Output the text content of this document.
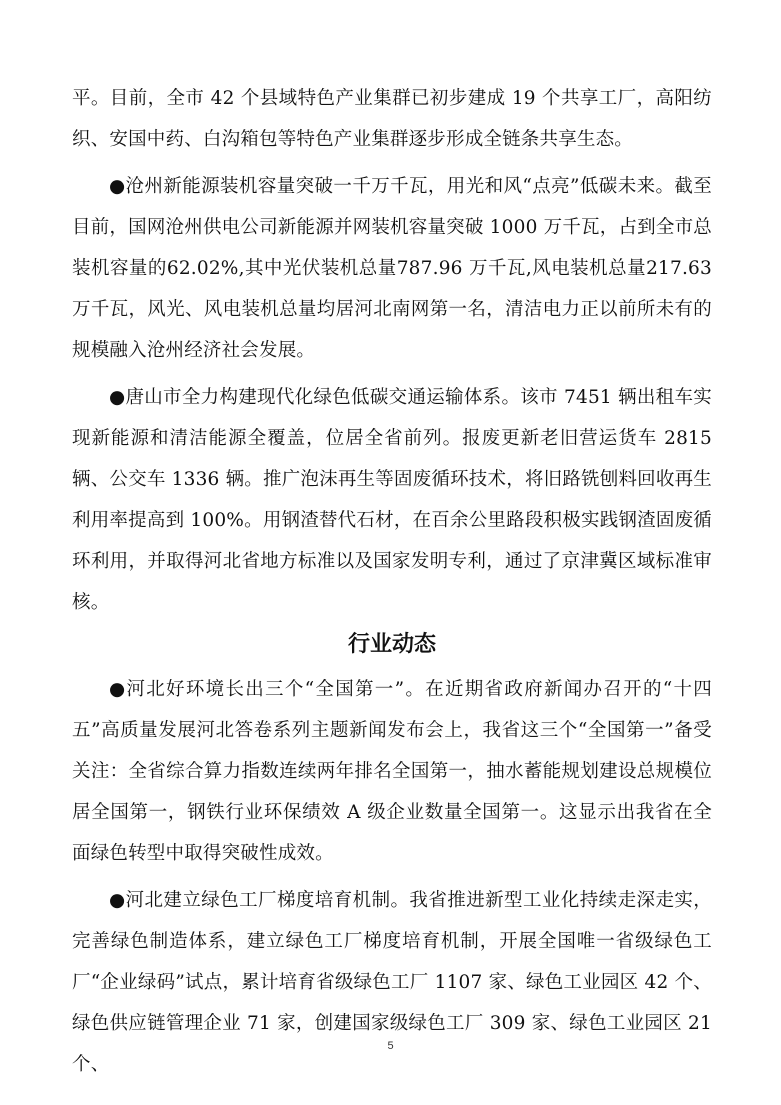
平。目前，全市 42 个县域特色产业集群已初步建成 19 个共享工厂，高阳纺织、安国中药、白沟箱包等特色产业集群逐步形成全链条共享生态。

●沧州新能源装机容量突破一千万千瓦，用光和风“点亮”低碳未来。截至目前，国网沧州供电公司新能源并网装机容量突破 1000 万千瓦，占到全市总装机容量的62.02%,其中光伏装机总量787.96 万千瓦,风电装机总量217.63万千瓦，风光、风电装机总量均居河北南网第一名，清洁电力正以前所未有的规模融入沧州经济社会发展。

●唐山市全力构建现代化绿色低碳交通运输体系。该市 7451 辆出租车实现新能源和清洁能源全覆盖，位居全省前列。报废更新老旧营运货车 2815 辆、公交车 1336 辆。推广泡沫再生等固废循环技术，将旧路铣刨料回收再生利用率提高到 100%。用钢渣替代石材，在百余公里路段积极实践钢渣固废循环利用，并取得河北省地方标准以及国家发明专利，通过了京津冀区域标准审核。

行业动态

●河北好环境长出三个“全国第一”。在近期省政府新闻办召开的“十四五”高质量发展河北答卷系列主题新闻发布会上，我省这三个“全国第一”备受关注：全省综合算力指数连续两年排名全国第一，抽水蓄能规划建设总规模位居全国第一，钢铁行业环保绩效 A 级企业数量全国第一。这显示出我省在全面绿色转型中取得突破性成效。

●河北建立绿色工厂梯度培育机制。我省推进新型工业化持续走深走实，完善绿色制造体系，建立绿色工厂梯度培育机制，开展全国唯一省级绿色工厂“企业绿码”试点，累计培育省级绿色工厂 1107 家、绿色工业园区 42 个、绿色供应链管理企业 71 家，创建国家级绿色工厂 309 家、绿色工业园区 21 个、

5
